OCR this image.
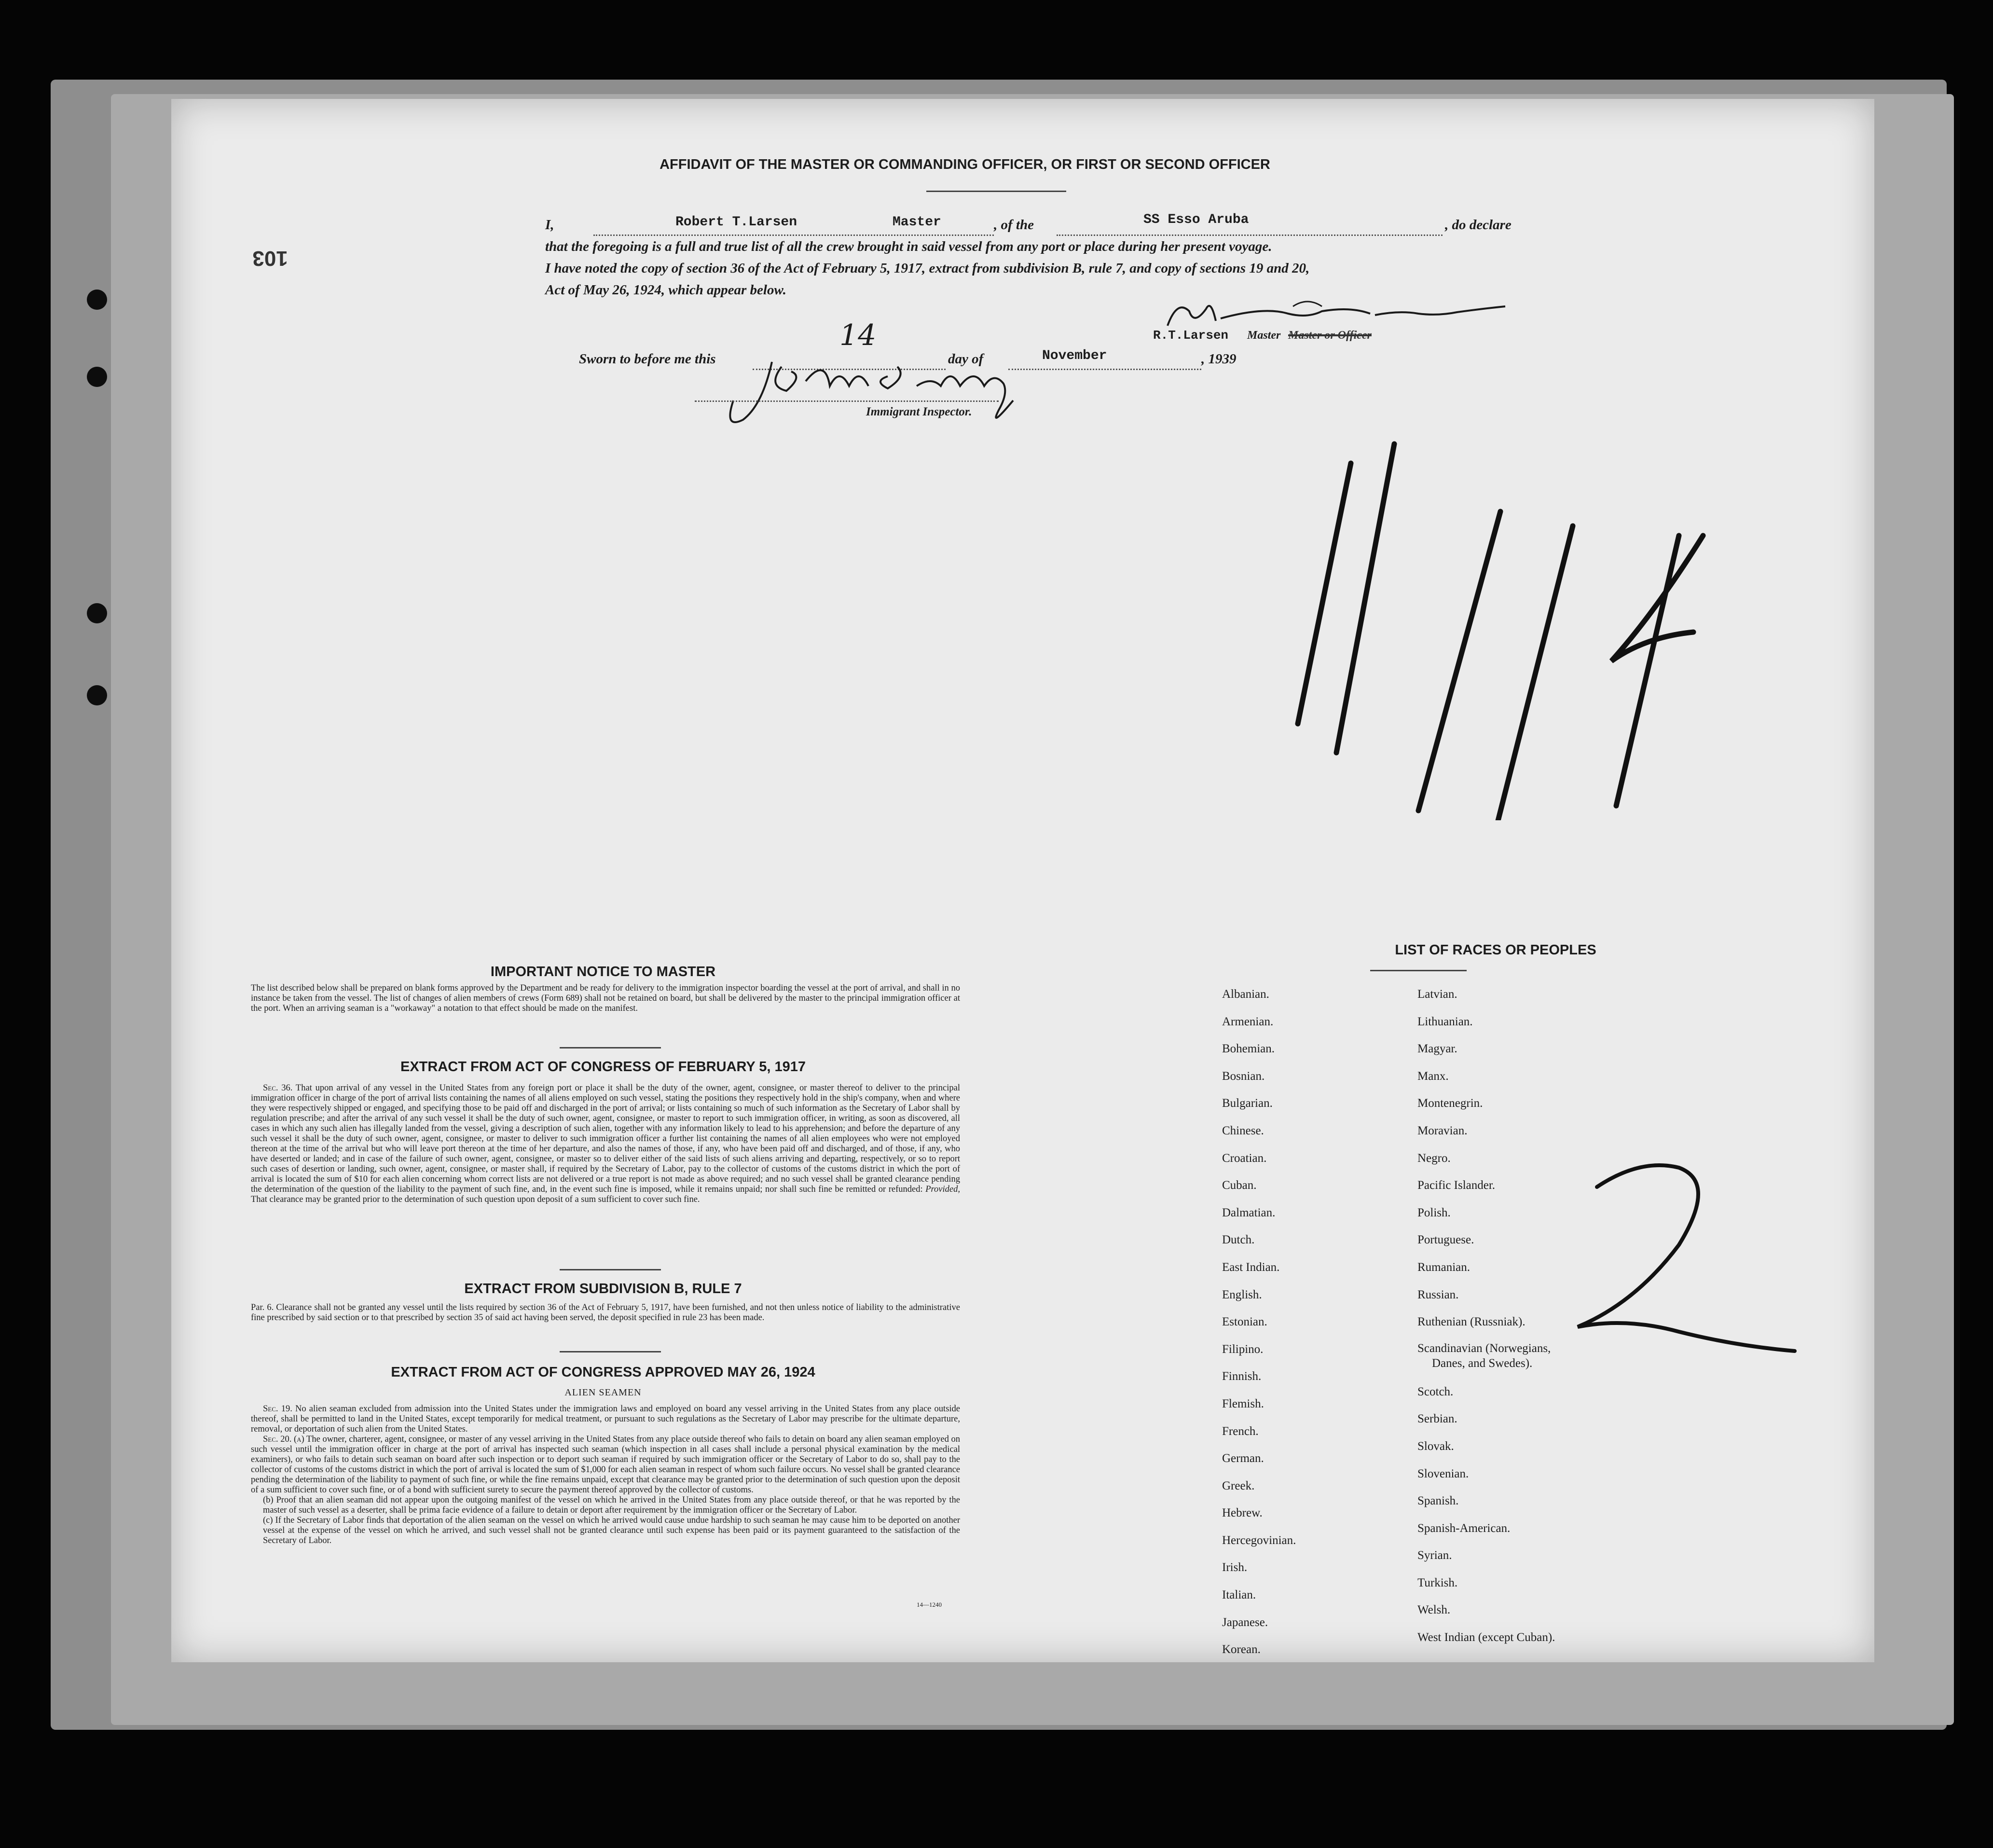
103
AFFIDAVIT OF THE MASTER OR COMMANDING OFFICER, OR FIRST OR SECOND OFFICER
I,	Robert T.Larsen	Master	, of the	SS Esso Aruba	, do declare
that the foregoing is a full and true list of all the crew brought in said vessel from any port or place during her present voyage.
I have noted the copy of section 36 of the Act of February 5, 1917, extract from subdivision B, rule 7, and copy of sections 19 and 20,
Act of May 26, 1924, which appear below.
R.T.Larsen Master Master or Officer
Sworn to before me this
14
day of	November	, 1939
Immigrant Inspector.
IMPORTANT NOTICE TO MASTER
The list described below shall be prepared on blank forms approved by the Department and be ready for delivery to the immigration inspector boarding the vessel at the port of arrival, and shall in no instance be taken from the vessel. The list of changes of alien members of crews (Form 689) shall not be retained on board, but shall be delivered by the master to the principal immigration officer at the port. When an arriving seaman is a "workaway" a notation to that effect should be made on the manifest.
EXTRACT FROM ACT OF CONGRESS OF FEBRUARY 5, 1917
Sec. 36. That upon arrival of any vessel in the United States from any foreign port or place it shall be the duty of the owner, agent, consignee, or master thereof to deliver to the principal immigration officer in charge of the port of arrival lists containing the names of all aliens employed on such vessel, stating the positions they respectively hold in the ship's company, when and where they were respectively shipped or engaged, and specifying those to be paid off and discharged in the port of arrival; or lists containing so much of such information as the Secretary of Labor shall by regulation prescribe; and after the arrival of any such vessel it shall be the duty of such owner, agent, consignee, or master to report to such immigration officer, in writing, as soon as discovered, all cases in which any such alien has illegally landed from the vessel, giving a description of such alien, together with any information likely to lead to his apprehension; and before the departure of any such vessel it shall be the duty of such owner, agent, consignee, or master to deliver to such immigration officer a further list containing the names of all alien employees who were not employed thereon at the time of the arrival but who will leave port thereon at the time of her departure, and also the names of those, if any, who have been paid off and discharged, and of those, if any, who have deserted or landed; and in case of the failure of such owner, agent, consignee, or master so to deliver either of the said lists of such aliens arriving and departing, respectively, or so to report such cases of desertion or landing, such owner, agent, consignee, or master shall, if required by the Secretary of Labor, pay to the collector of customs of the customs district in which the port of arrival is located the sum of $10 for each alien concerning whom correct lists are not delivered or a true report is not made as above required; and no such vessel shall be granted clearance pending the determination of the question of the liability to the payment of such fine, and, in the event such fine is imposed, while it remains unpaid; nor shall such fine be remitted or refunded: Provided, That clearance may be granted prior to the determination of such question upon deposit of a sum sufficient to cover such fine.
EXTRACT FROM SUBDIVISION B, RULE 7
Par. 6. Clearance shall not be granted any vessel until the lists required by section 36 of the Act of February 5, 1917, have been furnished, and not then unless notice of liability to the administrative fine prescribed by said section or to that prescribed by section 35 of said act having been served, the deposit specified in rule 23 has been made.
EXTRACT FROM ACT OF CONGRESS APPROVED MAY 26, 1924
ALIEN SEAMEN
Sec. 19. No alien seaman excluded from admission into the United States under the immigration laws and employed on board any vessel arriving in the United States from any place outside thereof, shall be permitted to land in the United States, except temporarily for medical treatment, or pursuant to such regulations as the Secretary of Labor may prescribe for the ultimate departure, removal, or deportation of such alien from the United States.
Sec. 20. (a) The owner, charterer, agent, consignee, or master of any vessel arriving in the United States from any place outside thereof who fails to detain on board any alien seaman employed on such vessel until the immigration officer in charge at the port of arrival has inspected such seaman (which inspection in all cases shall include a personal physical examination by the medical examiners), or who fails to detain such seaman on board after such inspection or to deport such seaman if required by such immigration officer or the Secretary of Labor to do so, shall pay to the collector of customs of the customs district in which the port of arrival is located the sum of $1,000 for each alien seaman in respect of whom such failure occurs. No vessel shall be granted clearance pending the determination of the liability to payment of such fine, or while the fine remains unpaid, except that clearance may be granted prior to the determination of such question upon the deposit of a sum sufficient to cover such fine, or of a bond with sufficient surety to secure the payment thereof approved by the collector of customs.
(b) Proof that an alien seaman did not appear upon the outgoing manifest of the vessel on which he arrived in the United States from any place outside thereof, or that he was reported by the master of such vessel as a deserter, shall be prima facie evidence of a failure to detain or deport after requirement by the immigration officer or the Secretary of Labor.
(c) If the Secretary of Labor finds that deportation of the alien seaman on the vessel on which he arrived would cause undue hardship to such seaman he may cause him to be deported on another vessel at the expense of the vessel on which he arrived, and such vessel shall not be granted clearance until such expense has been paid or its payment guaranteed to the satisfaction of the Secretary of Labor.
14—1240
LIST OF RACES OR PEOPLES
Albanian.
Armenian.
Bohemian.
Bosnian.
Bulgarian.
Chinese.
Croatian.
Cuban.
Dalmatian.
Dutch.
East Indian.
English.
Estonian.
Filipino.
Finnish.
Flemish.
French.
German.
Greek.
Hebrew.
Hercegovinian.
Irish.
Italian.
Japanese.
Korean.
Latvian.
Lithuanian.
Magyar.
Manx.
Montenegrin.
Moravian.
Negro.
Pacific Islander.
Polish.
Portuguese.
Rumanian.
Russian.
Ruthenian (Russniak).
Scandinavian (Norwegians,
Danes, and Swedes).
Scotch.
Serbian.
Slovak.
Slovenian.
Spanish.
Spanish-American.
Syrian.
Turkish.
Welsh.
West Indian (except Cuban).
